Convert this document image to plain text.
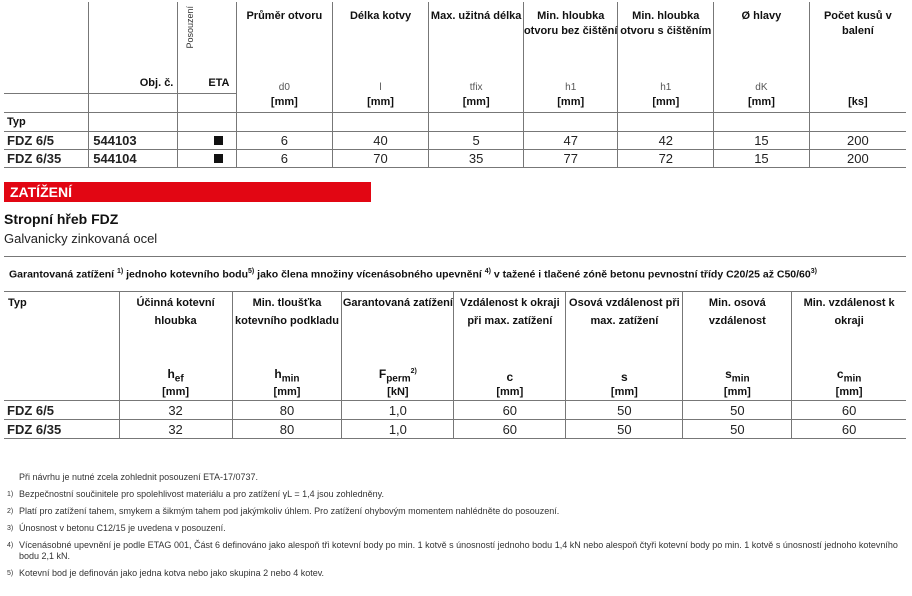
	Obj. č.	Posouzení	ETA	Průměr otvoru	Délka kotvy	Max. užitná délka	Min. hloubka otvoru bez čištění	Min. hloubka otvoru s čištěním	Ø hlavy	Počet kusů v balení
				d0	l	tfix	h1	h1	dK	
				[mm]	[mm]	[mm]	[mm]	[mm]	[mm]	[ks]
Typ										
FDZ 6/5	544103			6	40	5	47	42	15	200
FDZ 6/35	544104			6	70	35	77	72	15	200
ZATÍŽENÍ
Stropní hřeb FDZ
Galvanicky zinkovaná ocel
Garantovaná zatížení $^{1)}$ jednoho kotevního bodu$^{5)}$ jako člena množiny vícenásobného upevnění $^{4)}$ v tažené i tlačené zóně betonu pevnostní třídy C20/25 až C50/60$^{3)}$
Typ	Účinná kotevní hloubka	Min. tloušťka kotevního podkladu	Garantovaná zatížení	Vzdálenost k okraji při max. zatížení	Osová vzdálenost při max. zatížení	Min. osová vzdálenost	Min. vzdálenost k okraji
	$h_{ef}$	$h_{min}$	$F_{perm}^{2)}$	c	s	$s_{min}$	$c_{min}$
	[mm]	[mm]	[kN]	[mm]	[mm]	[mm]	[mm]
FDZ 6/5	32	80	1,0	60	50	50	60
FDZ 6/35	32	80	1,0	60	50	50	60
Při návrhu je nutné zcela zohlednit posouzení ETA-17/0737.
1) Bezpečnostní součinitele pro spolehlivost materiálu a pro zatížení γL = 1,4 jsou zohledněny.
2) Platí pro zatížení tahem, smykem a šikmým tahem pod jakýmkoliv úhlem. Pro zatížení ohybovým momentem nahlédněte do posouzení.
3) Únosnost v betonu C12/15 je uvedena v posouzení.
4) Vícenásobné upevnění je podle ETAG 001, Část 6 definováno jako alespoň tři kotevní body po min. 1 kotvě s únosností jednoho bodu 1,4 kN nebo alespoň čtyři kotevní body po min. 1 kotvě s únosností jednoho kotevního bodu 2,1 kN.
5) Kotevní bod je definován jako jedna kotva nebo jako skupina 2 nebo 4 kotev.
